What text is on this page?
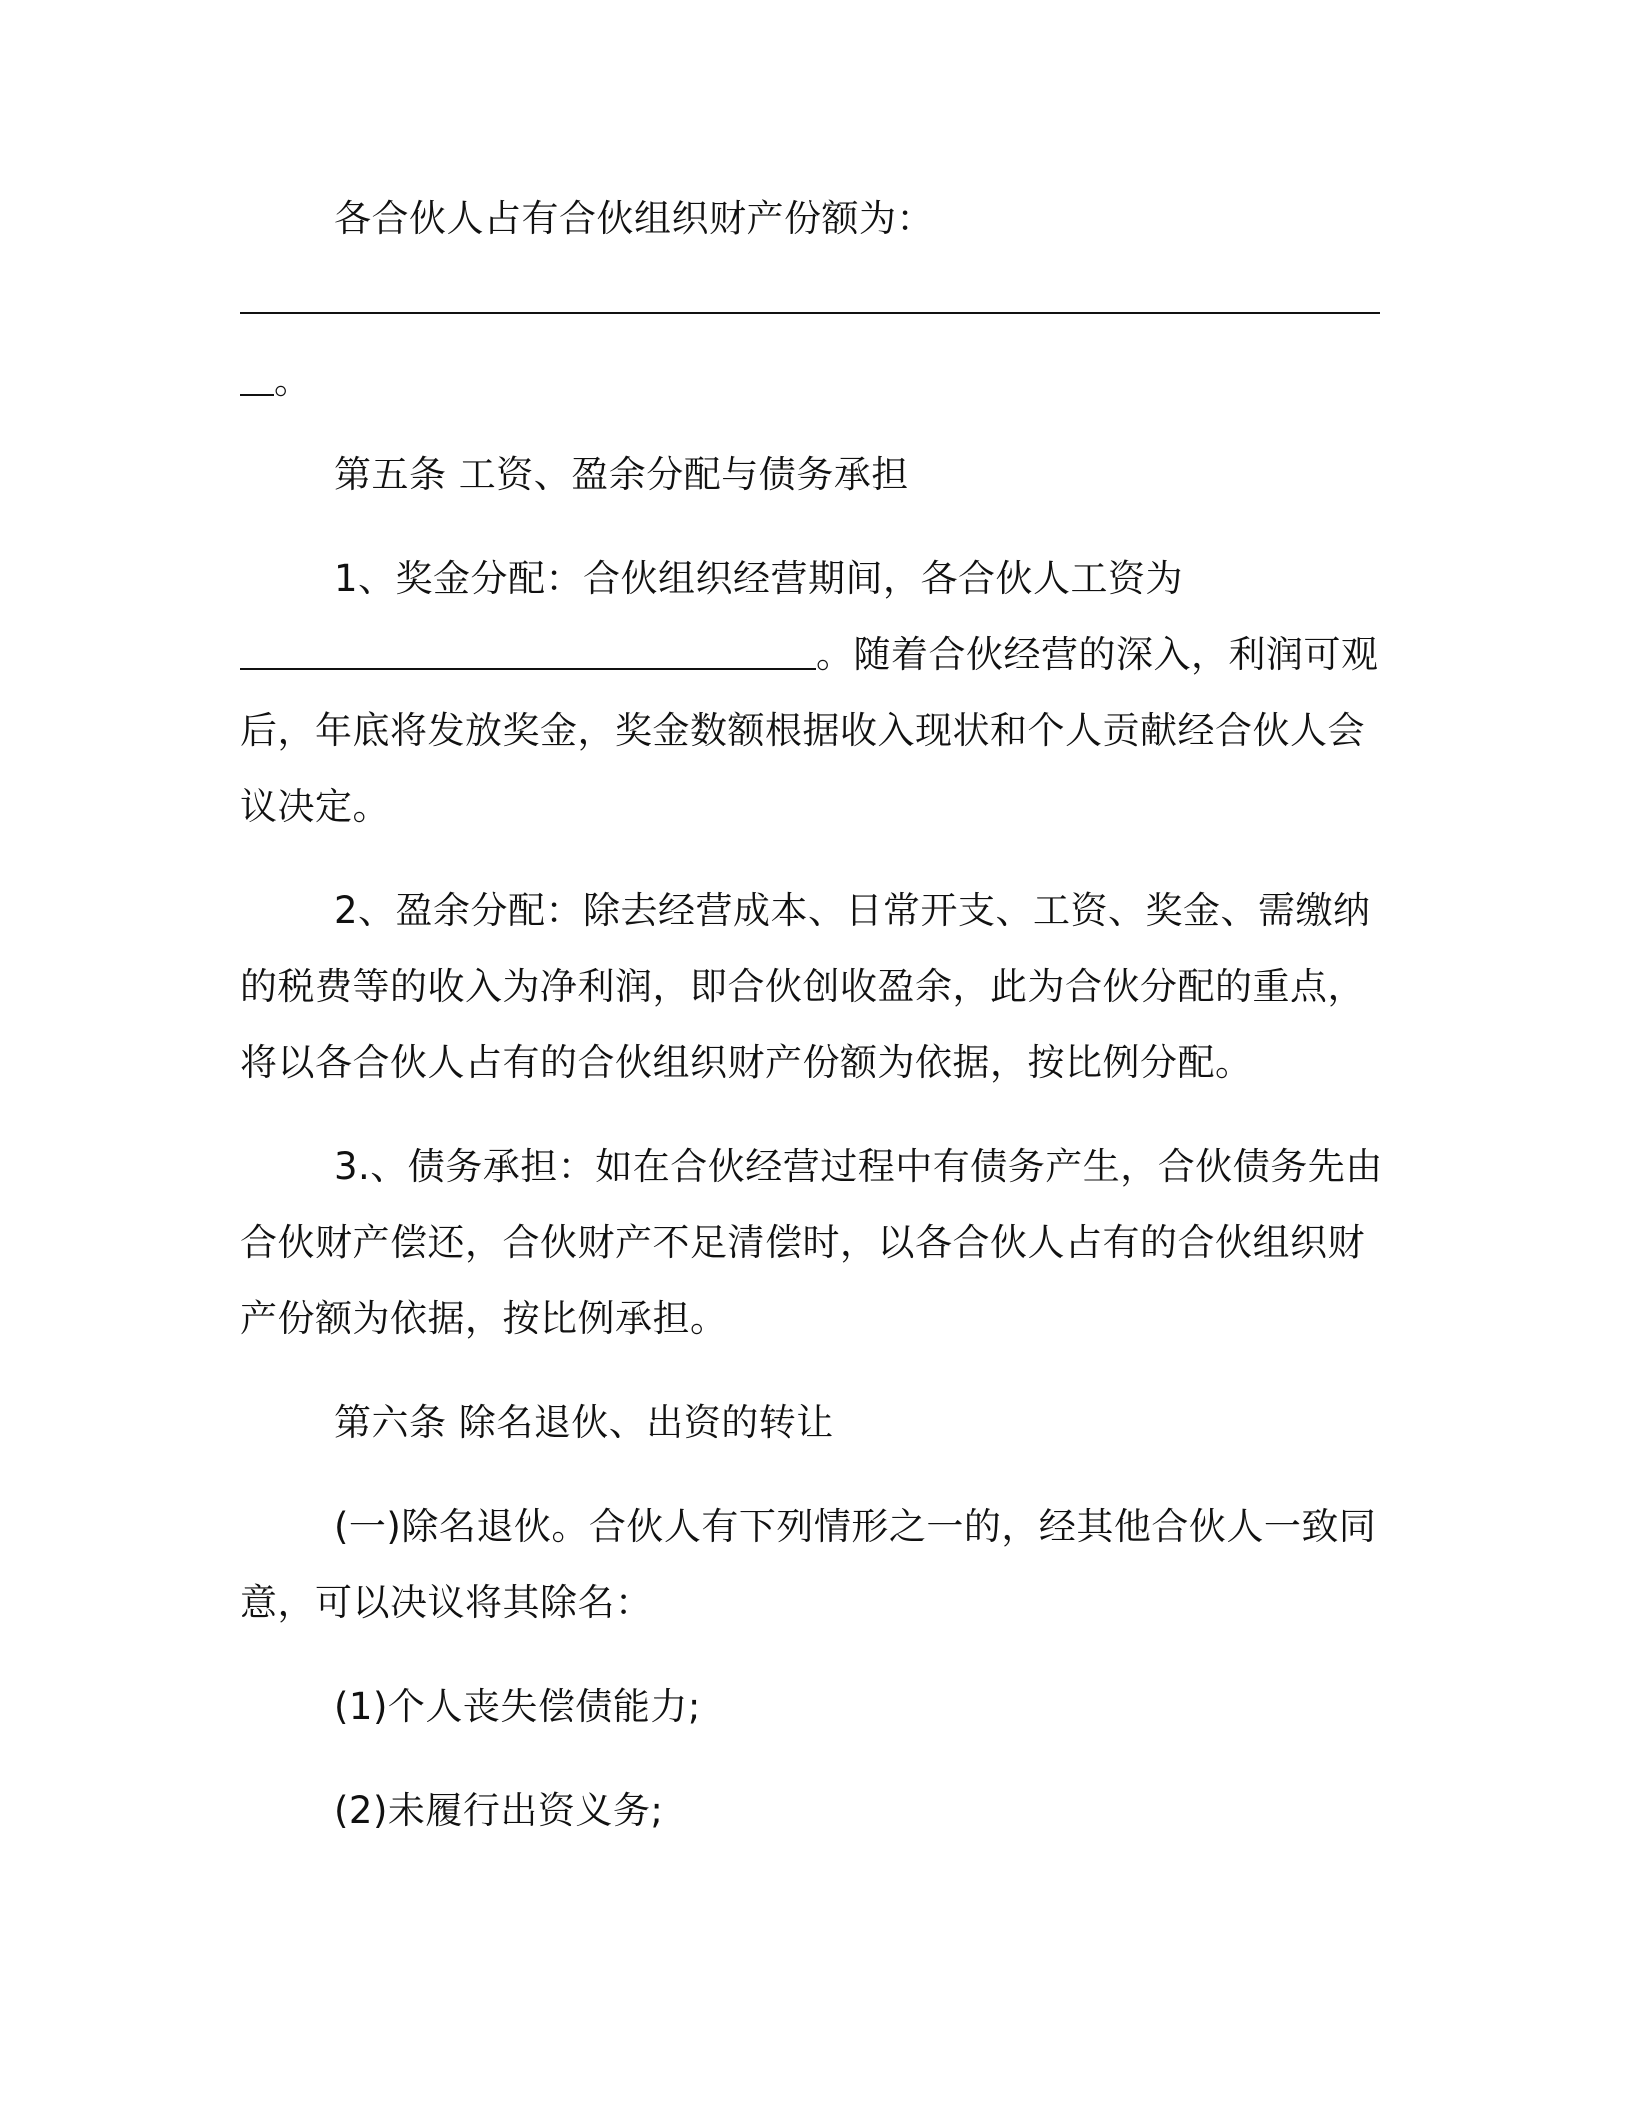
各合伙人占有合伙组织财产份额为：
。
第五条 工资、盈余分配与债务承担
1、奖金分配：合伙组织经营期间，各合伙人工资为
。随着合伙经营的深入，利润可观
后，年底将发放奖金，奖金数额根据收入现状和个人贡献经合伙人会
议决定。
2、盈余分配：除去经营成本、日常开支、工资、奖金、需缴纳
的税费等的收入为净利润，即合伙创收盈余，此为合伙分配的重点，
将以各合伙人占有的合伙组织财产份额为依据，按比例分配。
3.、债务承担：如在合伙经营过程中有债务产生，合伙债务先由
合伙财产偿还，合伙财产不足清偿时，以各合伙人占有的合伙组织财
产份额为依据，按比例承担。
第六条 除名退伙、出资的转让
(一)除名退伙。合伙人有下列情形之一的，经其他合伙人一致同
意，可以决议将其除名：
(1)个人丧失偿债能力;
(2)未履行出资义务;
